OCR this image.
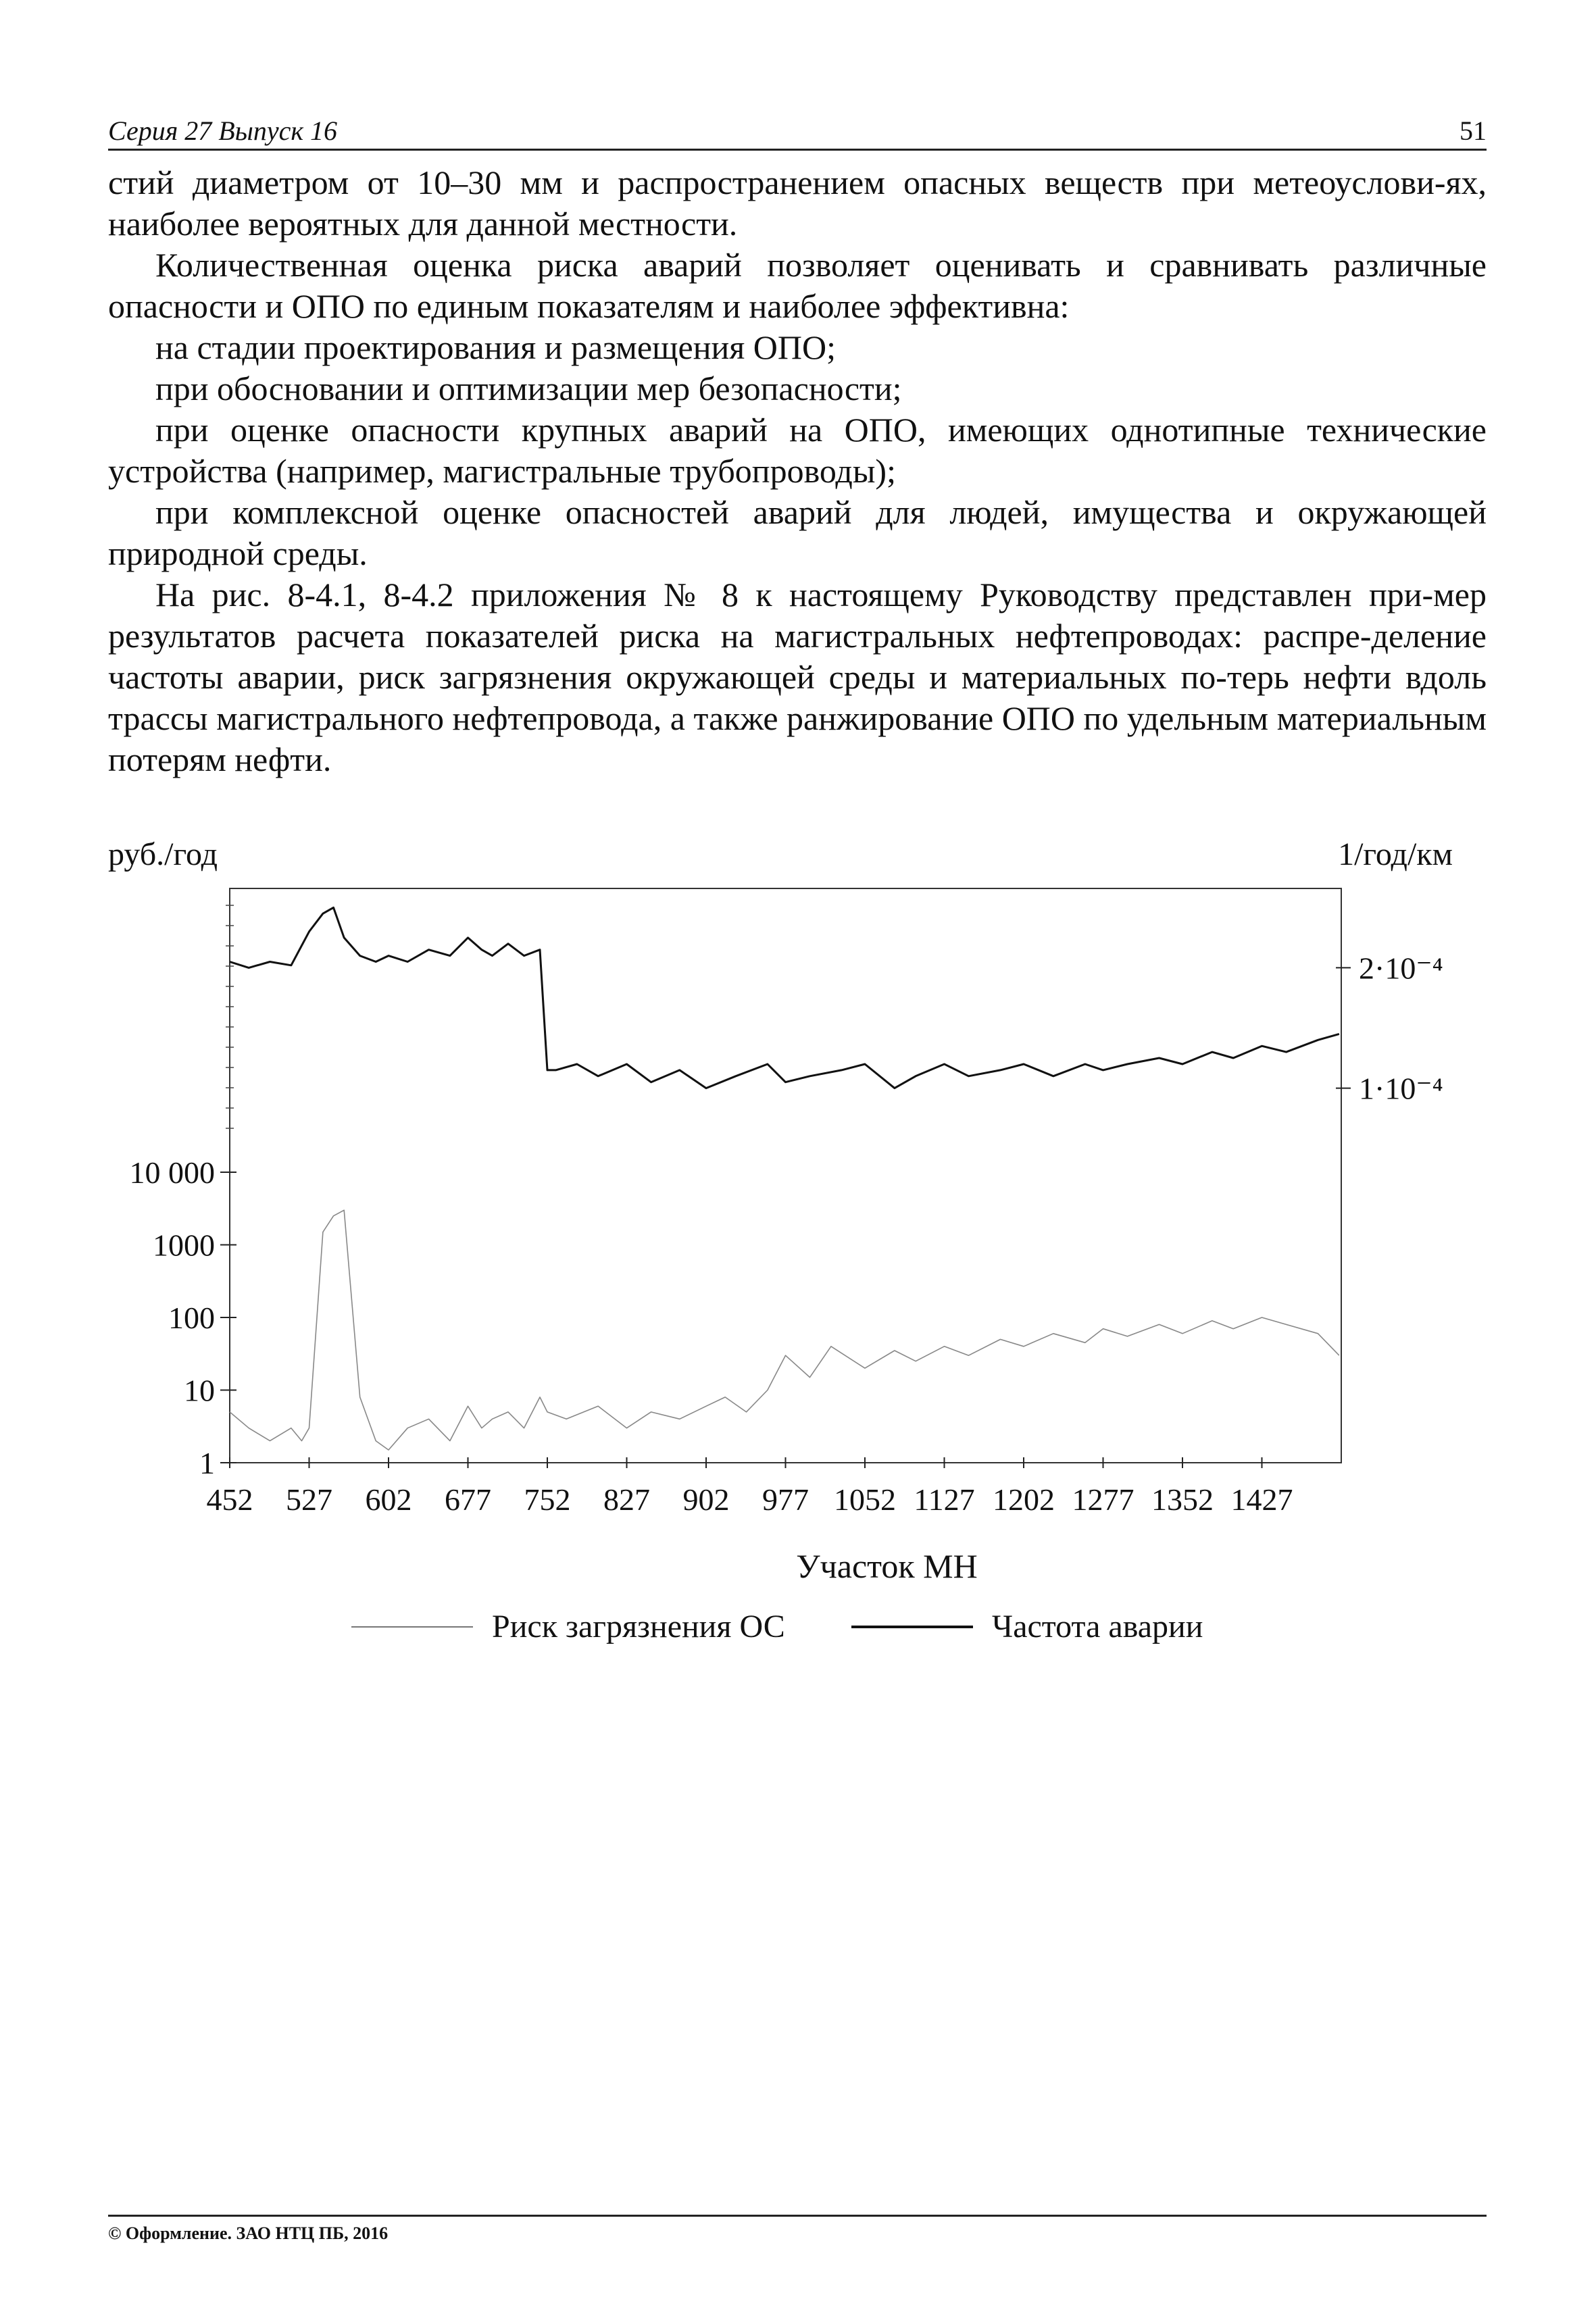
Серия 27 Выпуск 16	51

стий диаметром от 10–30 мм и распространением опасных веществ при метеоуслови-ях, наиболее вероятных для данной местности.

Количественная оценка риска аварий позволяет оценивать и сравнивать различные опасности и ОПО по единым показателям и наиболее эффективна:

на стадии проектирования и размещения ОПО;

при обосновании и оптимизации мер безопасности;

при оценке опасности крупных аварий на ОПО, имеющих однотипные технические устройства (например, магистральные трубопроводы);

при комплексной оценке опасностей аварий для людей, имущества и окружающей природной среды.

На рис. 8-4.1, 8-4.2 приложения № 8 к настоящему Руководству представлен при-мер результатов расчета показателей риска на магистральных нефтепроводах: распре-деление частоты аварии, риск загрязнения окружающей среды и материальных по-терь нефти вдоль трассы магистрального нефтепровода, а также ранжирование ОПО по удельным материальным потерям нефти.

1
10
100
1000
10 000
1·10⁻⁴
2·10⁻⁴
руб./год	1/год/км
452 527 602 677 752 827 902 977 1052 1127 1202 1277 1352 1427
Участок МН
Риск загрязнения ОС	Частота аварии
© Оформление. ЗАО НТЦ ПБ, 2016
